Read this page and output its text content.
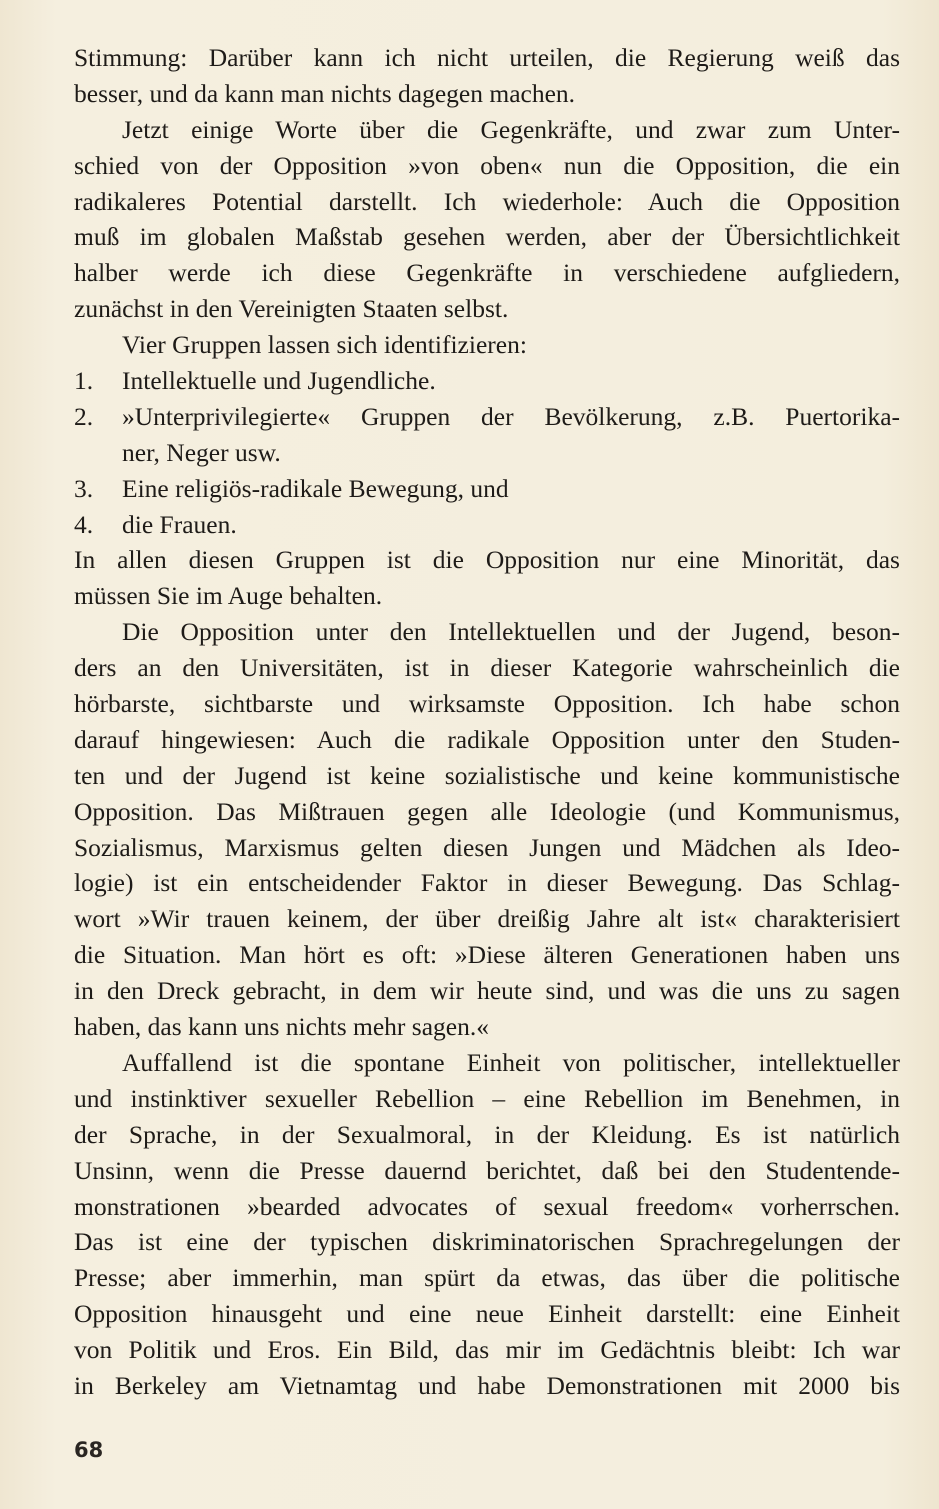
Stimmung: Darüber kann ich nicht urteilen, die Regierung weiß das
besser, und da kann man nichts dagegen machen.
Jetzt einige Worte über die Gegenkräfte, und zwar zum Unter-
schied von der Opposition »von oben« nun die Opposition, die ein
radikaleres Potential darstellt. Ich wiederhole: Auch die Opposition
muß im globalen Maßstab gesehen werden, aber der Übersichtlichkeit
halber werde ich diese Gegenkräfte in verschiedene aufgliedern,
zunächst in den Vereinigten Staaten selbst.
Vier Gruppen lassen sich identifizieren:
1.	Intellektuelle und Jugendliche.
2.	»Unterprivilegierte« Gruppen der Bevölkerung, z.B. Puertorika-
ner, Neger usw.
3.	Eine religiös-radikale Bewegung, und
4.	die Frauen.
In allen diesen Gruppen ist die Opposition nur eine Minorität, das
müssen Sie im Auge behalten.
Die Opposition unter den Intellektuellen und der Jugend, beson-
ders an den Universitäten, ist in dieser Kategorie wahrscheinlich die
hörbarste, sichtbarste und wirksamste Opposition. Ich habe schon
darauf hingewiesen: Auch die radikale Opposition unter den Studen-
ten und der Jugend ist keine sozialistische und keine kommunistische
Opposition. Das Mißtrauen gegen alle Ideologie (und Kommunismus,
Sozialismus, Marxismus gelten diesen Jungen und Mädchen als Ideo-
logie) ist ein entscheidender Faktor in dieser Bewegung. Das Schlag-
wort »Wir trauen keinem, der über dreißig Jahre alt ist« charakterisiert
die Situation. Man hört es oft: »Diese älteren Generationen haben uns
in den Dreck gebracht, in dem wir heute sind, und was die uns zu sagen
haben, das kann uns nichts mehr sagen.«
Auffallend ist die spontane Einheit von politischer, intellektueller
und instinktiver sexueller Rebellion – eine Rebellion im Benehmen, in
der Sprache, in der Sexualmoral, in der Kleidung. Es ist natürlich
Unsinn, wenn die Presse dauernd berichtet, daß bei den Studentende-
monstrationen »bearded advocates of sexual freedom« vorherrschen.
Das ist eine der typischen diskriminatorischen Sprachregelungen der
Presse; aber immerhin, man spürt da etwas, das über die politische
Opposition hinausgeht und eine neue Einheit darstellt: eine Einheit
von Politik und Eros. Ein Bild, das mir im Gedächtnis bleibt: Ich war
in Berkeley am Vietnamtag und habe Demonstrationen mit 2000 bis
68
